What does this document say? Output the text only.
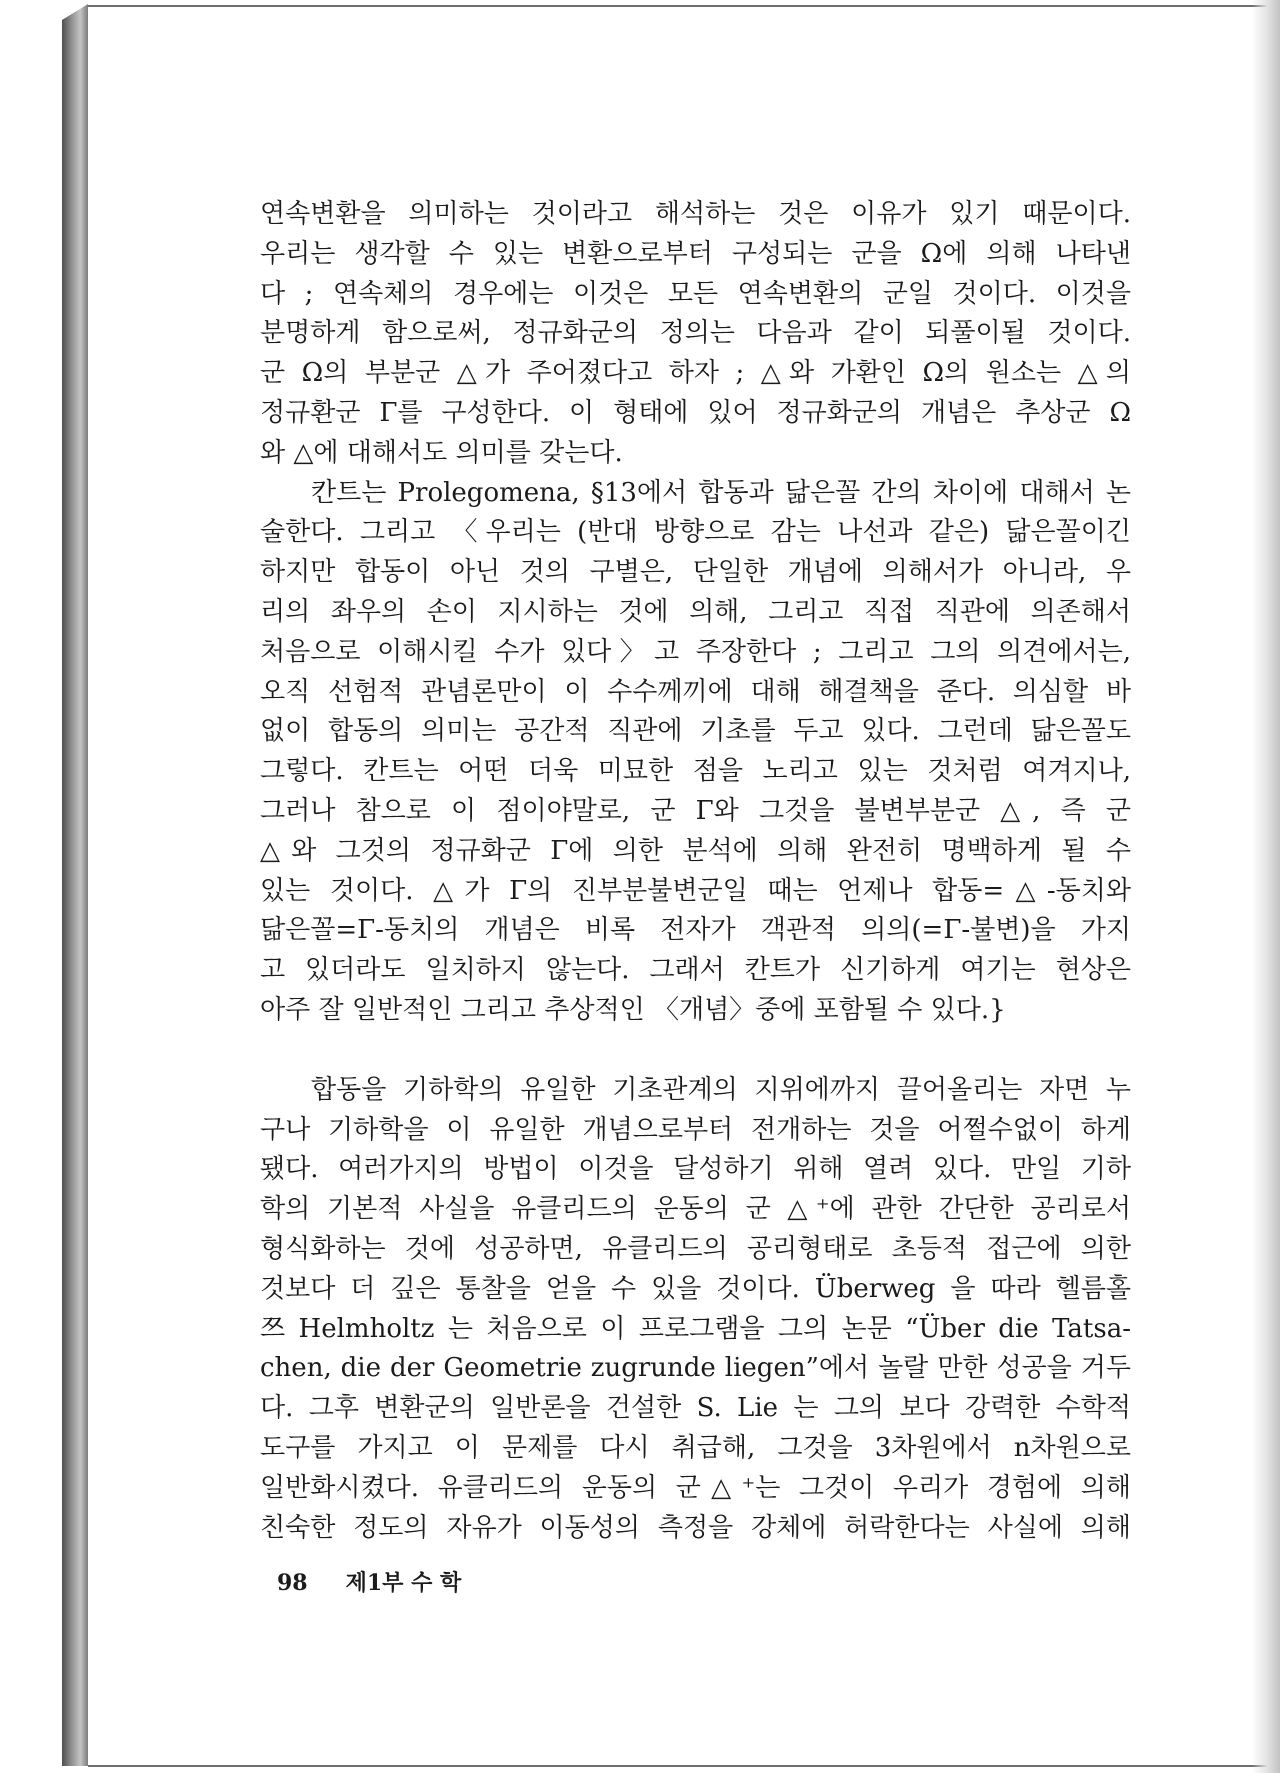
연속변환을 의미하는 것이라고 해석하는 것은 이유가 있기 때문이다.
우리는 생각할 수 있는 변환으로부터 구성되는 군을 Ω에 의해 나타낸
다 ; 연속체의 경우에는 이것은 모든 연속변환의 군일 것이다. 이것을
분명하게 함으로써, 정규화군의 정의는 다음과 같이 되풀이될 것이다.
군 Ω의 부분군 △가 주어졌다고 하자 ; △와 가환인 Ω의 원소는 △의
정규환군 Γ를 구성한다. 이 형태에 있어 정규화군의 개념은 추상군 Ω
와 △에 대해서도 의미를 갖는다.
칸트는 Prolegomena, §13에서 합동과 닮은꼴 간의 차이에 대해서 논
술한다. 그리고 〈우리는 (반대 방향으로 감는 나선과 같은) 닮은꼴이긴
하지만 합동이 아닌 것의 구별은, 단일한 개념에 의해서가 아니라, 우
리의 좌우의 손이 지시하는 것에 의해, 그리고 직접 직관에 의존해서
처음으로 이해시킬 수가 있다〉고 주장한다 ; 그리고 그의 의견에서는,
오직 선험적 관념론만이 이 수수께끼에 대해 해결책을 준다. 의심할 바
없이 합동의 의미는 공간적 직관에 기초를 두고 있다. 그런데 닮은꼴도
그렇다. 칸트는 어떤 더욱 미묘한 점을 노리고 있는 것처럼 여겨지나,
그러나 참으로 이 점이야말로, 군 Γ와 그것을 불변부분군 △, 즉 군
△와 그것의 정규화군 Γ에 의한 분석에 의해 완전히 명백하게 될 수
있는 것이다. △가 Γ의 진부분불변군일 때는 언제나 합동=△-동치와
닮은꼴=Γ-동치의 개념은 비록 전자가 객관적 의의(=Γ-불변)을 가지
고 있더라도 일치하지 않는다. 그래서 칸트가 신기하게 여기는 현상은
아주 잘 일반적인 그리고 추상적인 〈개념〉중에 포함될 수 있다.}
합동을 기하학의 유일한 기초관계의 지위에까지 끌어올리는 자면 누
구나 기하학을 이 유일한 개념으로부터 전개하는 것을 어쩔수없이 하게
됐다. 여러가지의 방법이 이것을 달성하기 위해 열려 있다. 만일 기하
학의 기본적 사실을 유클리드의 운동의 군 △⁺에 관한 간단한 공리로서
형식화하는 것에 성공하면, 유클리드의 공리형태로 초등적 접근에 의한
것보다 더 깊은 통찰을 얻을 수 있을 것이다. Überweg 을 따라 헬름홀
쯔 Helmholtz 는 처음으로 이 프로그램을 그의 논문 “Über die Tatsa-
chen, die der Geometrie zugrunde liegen”에서 놀랄 만한 성공을 거두
다. 그후 변환군의 일반론을 건설한 S. Lie 는 그의 보다 강력한 수학적
도구를 가지고 이 문제를 다시 취급해, 그것을 3차원에서 n차원으로
일반화시켰다. 유클리드의 운동의 군△⁺는 그것이 우리가 경험에 의해
친숙한 정도의 자유가 이동성의 측정을 강체에 허락한다는 사실에 의해
98 제1부 수 학
